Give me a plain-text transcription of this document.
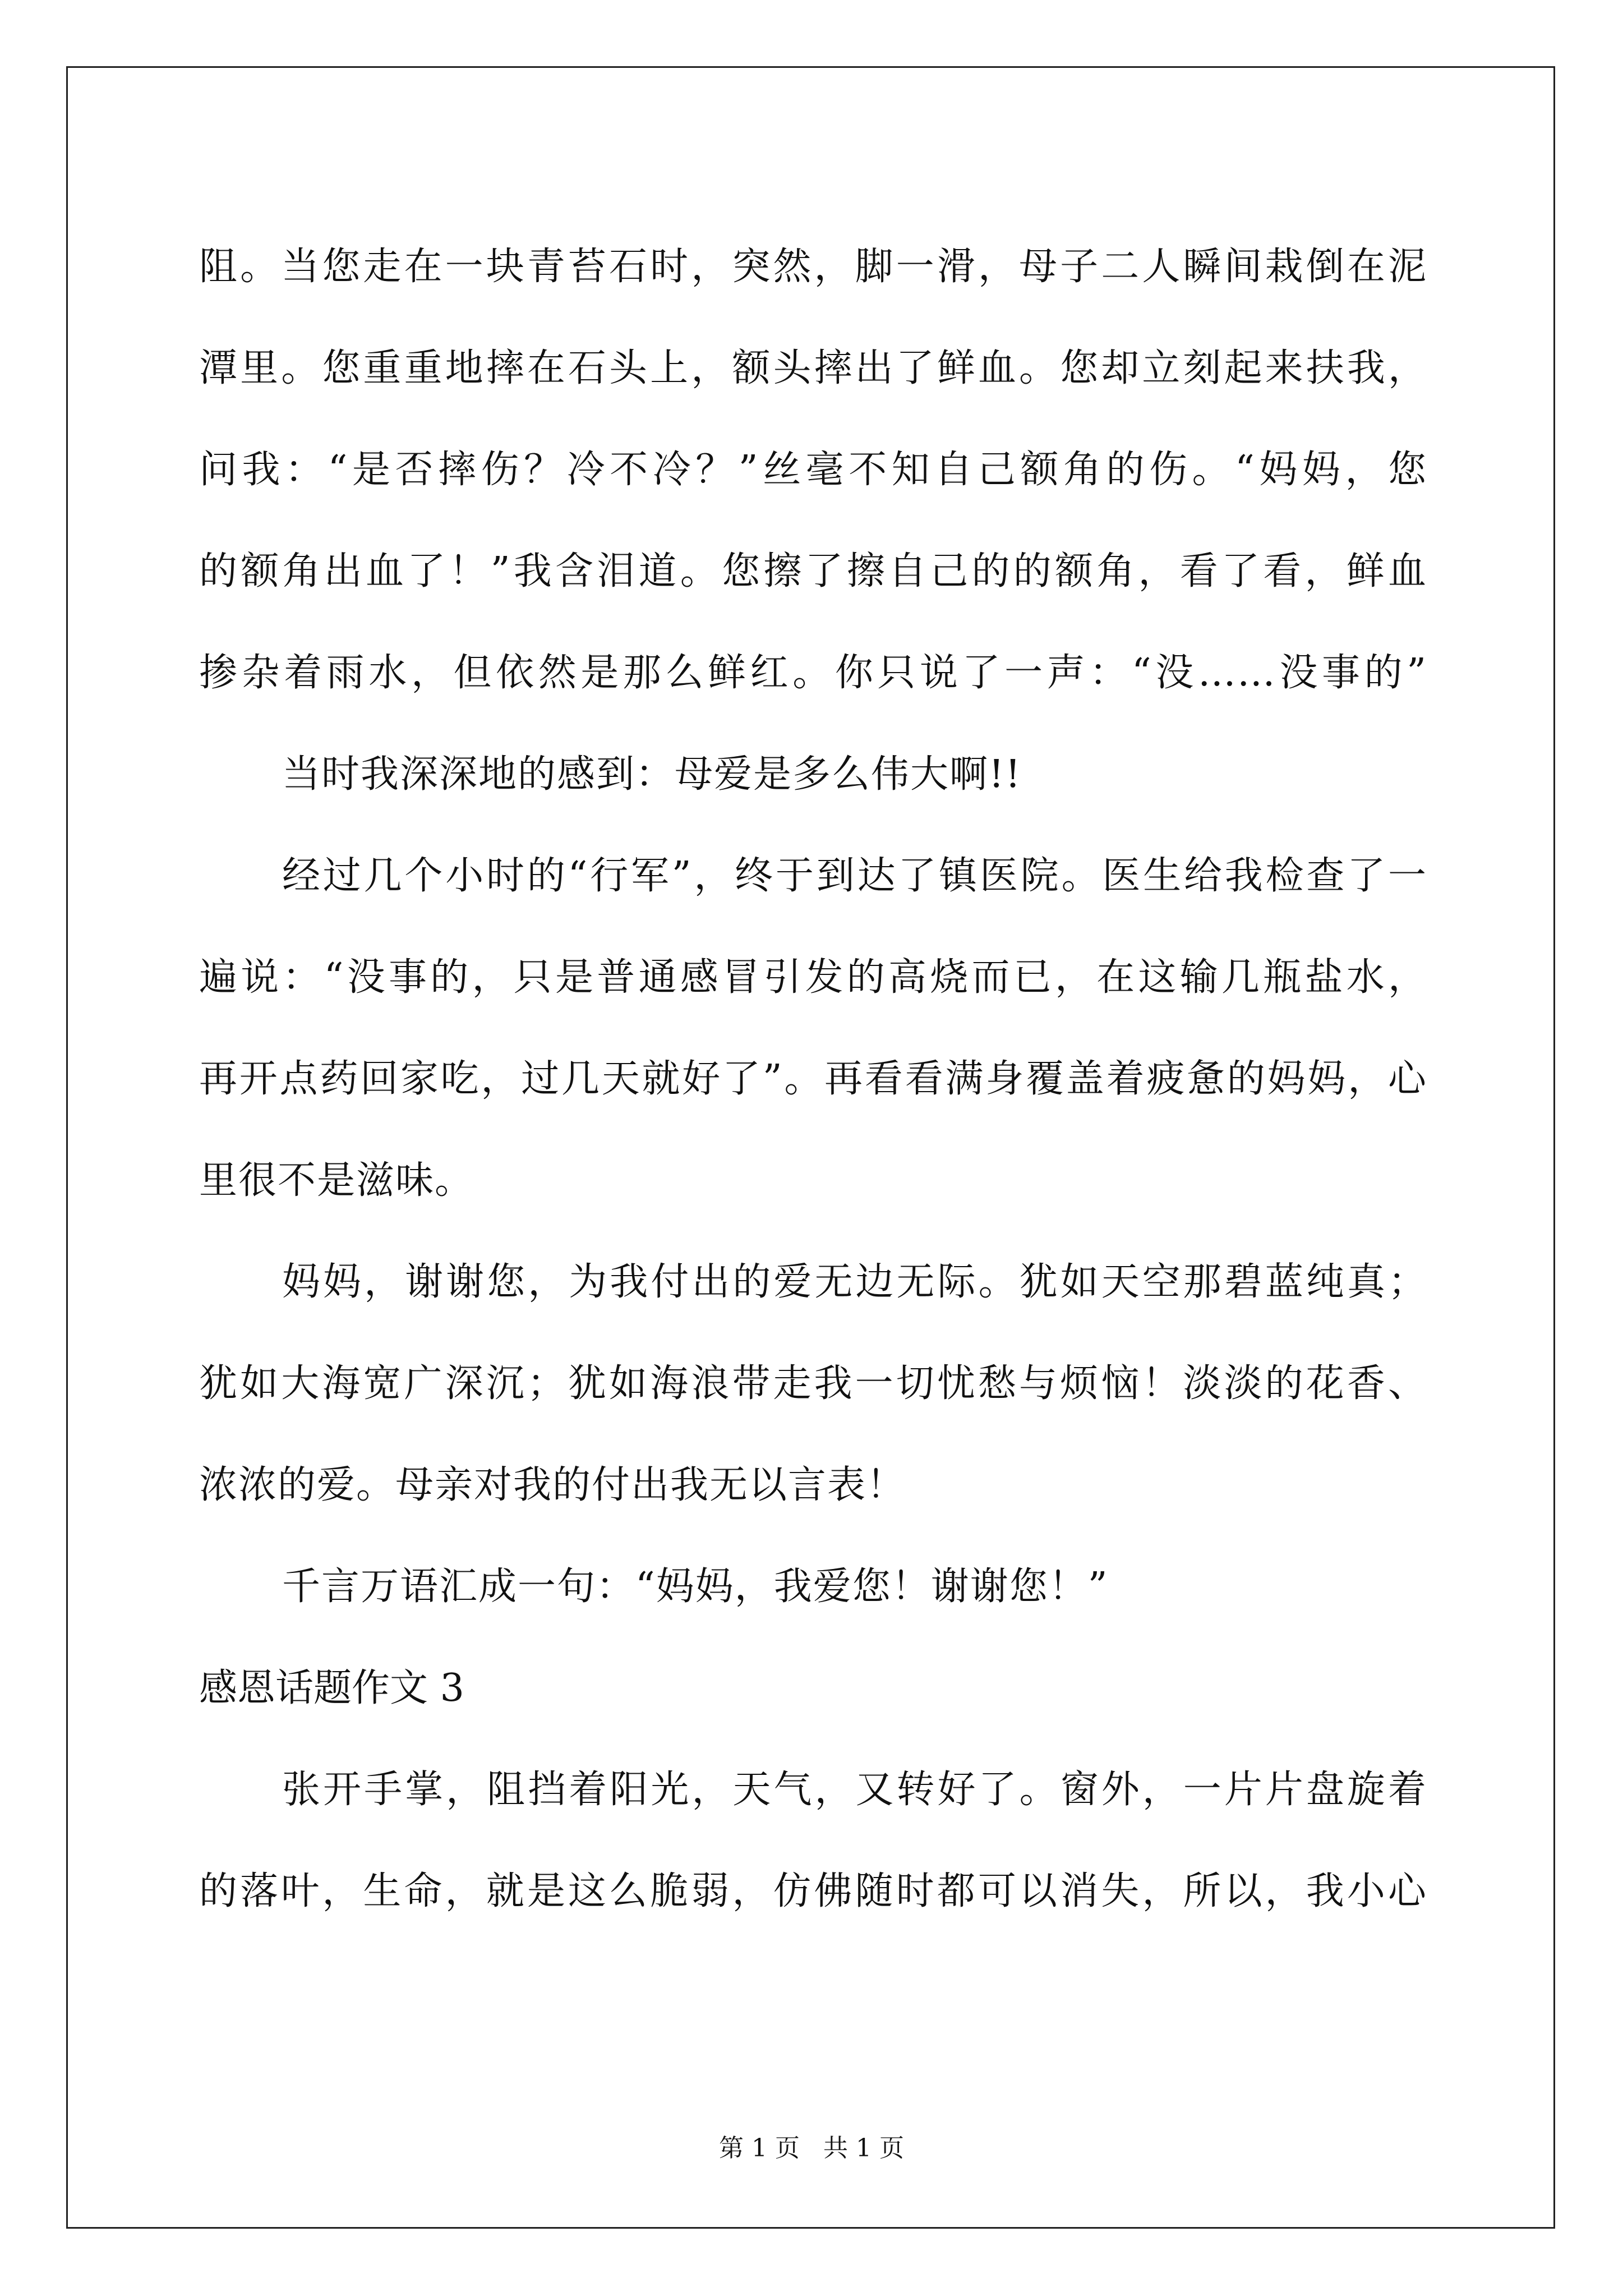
阻。当您走在一块青苔石时，突然，脚一滑，母子二人瞬间栽倒在泥
潭里。您重重地摔在石头上，额头摔出了鲜血。您却立刻起来扶我，
问我：“是否摔伤？冷不冷？”丝毫不知自己额角的伤。“妈妈，您
的额角出血了！”我含泪道。您擦了擦自己的的额角，看了看，鲜血
掺杂着雨水，但依然是那么鲜红。你只说了一声：“没……没事的”
当时我深深地的感到：母爱是多么伟大啊!!
经过几个小时的“行军”，终于到达了镇医院。医生给我检查了一
遍说：“没事的，只是普通感冒引发的高烧而已，在这输几瓶盐水，
再开点药回家吃，过几天就好了”。再看看满身覆盖着疲惫的妈妈，心
里很不是滋味。
妈妈，谢谢您，为我付出的爱无边无际。犹如天空那碧蓝纯真；
犹如大海宽广深沉；犹如海浪带走我一切忧愁与烦恼！淡淡的花香、
浓浓的爱。母亲对我的付出我无以言表！
千言万语汇成一句：“妈妈，我爱您！谢谢您！”
感恩话题作文 3
张开手掌，阻挡着阳光，天气，又转好了。窗外，一片片盘旋着
的落叶，生命，就是这么脆弱，仿佛随时都可以消失，所以，我小心
第 1 页 共 1 页
